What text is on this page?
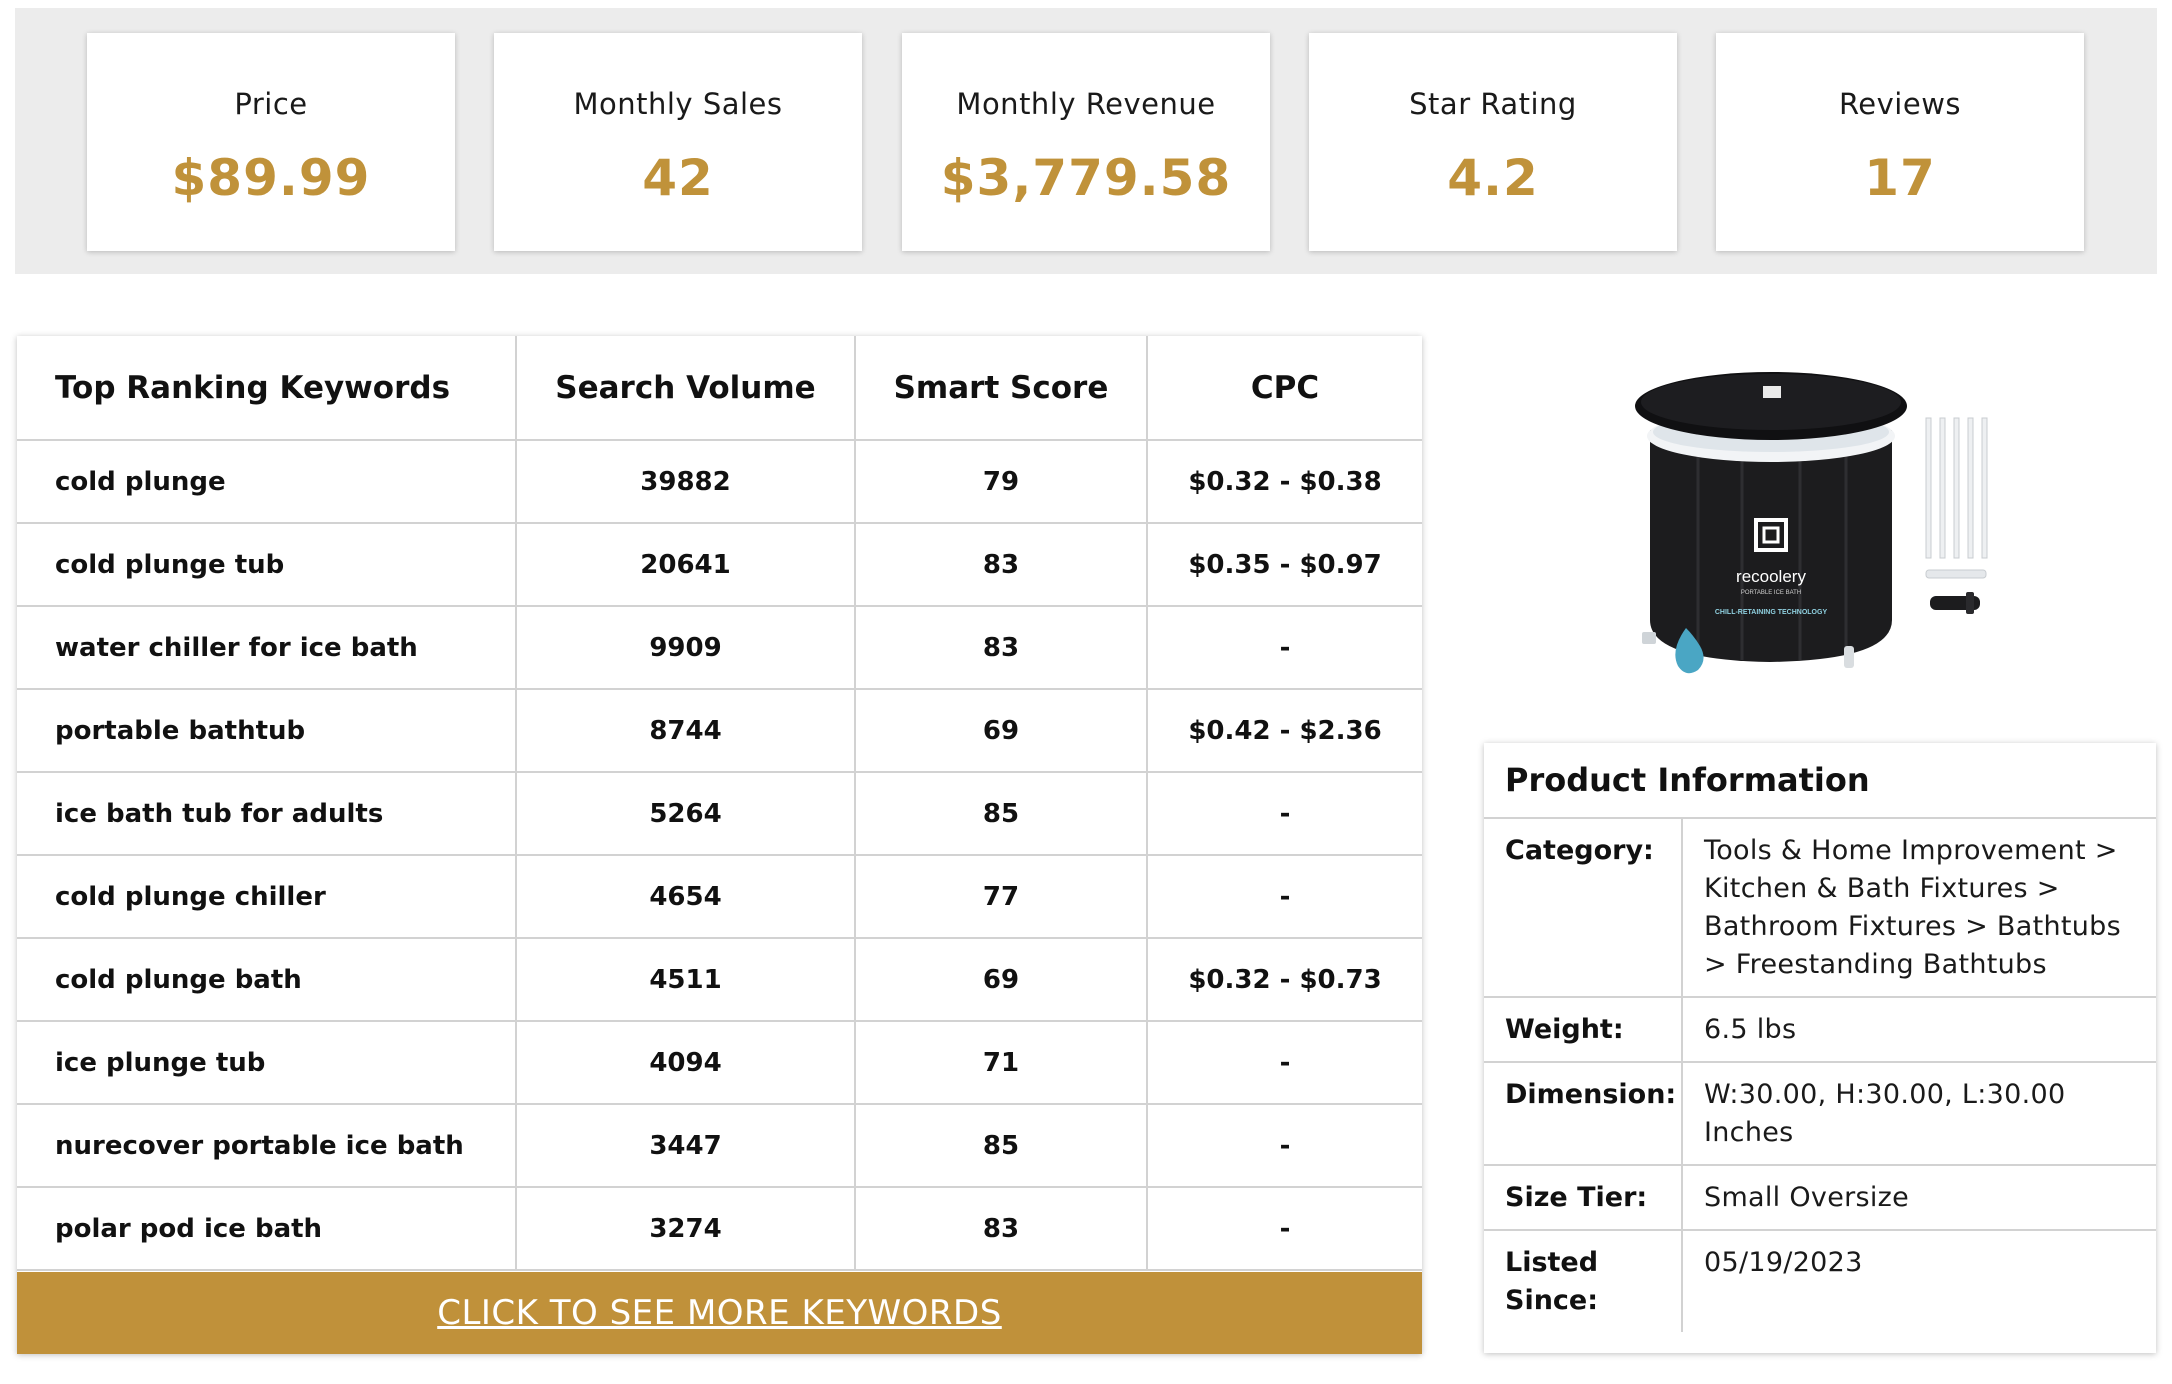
Price
$89.99
Monthly Sales
42
Monthly Revenue
$3,779.58
Star Rating
4.2
Reviews
17
Top Ranking Keywords	Search Volume	Smart Score	CPC
cold plunge	39882	79	$0.32 - $0.38
cold plunge tub	20641	83	$0.35 - $0.97
water chiller for ice bath	9909	83	-
portable bathtub	8744	69	$0.42 - $2.36
ice bath tub for adults	5264	85	-
cold plunge chiller	4654	77	-
cold plunge bath	4511	69	$0.32 - $0.73
ice plunge tub	4094	71	-
nurecover portable ice bath	3447	85	-
polar pod ice bath	3274	83	-
CLICK TO SEE MORE KEYWORDS
recoolery
PORTABLE ICE BATH
CHILL-RETAINING TECHNOLOGY
Product Information
Category:	Tools & Home Improvement > Kitchen & Bath Fixtures > Bathroom Fixtures > Bathtubs > Freestanding Bathtubs
Weight:	6.5 lbs
Dimension:	W:30.00, H:30.00, L:30.00 Inches
Size Tier:	Small Oversize
Listed Since:	05/19/2023
